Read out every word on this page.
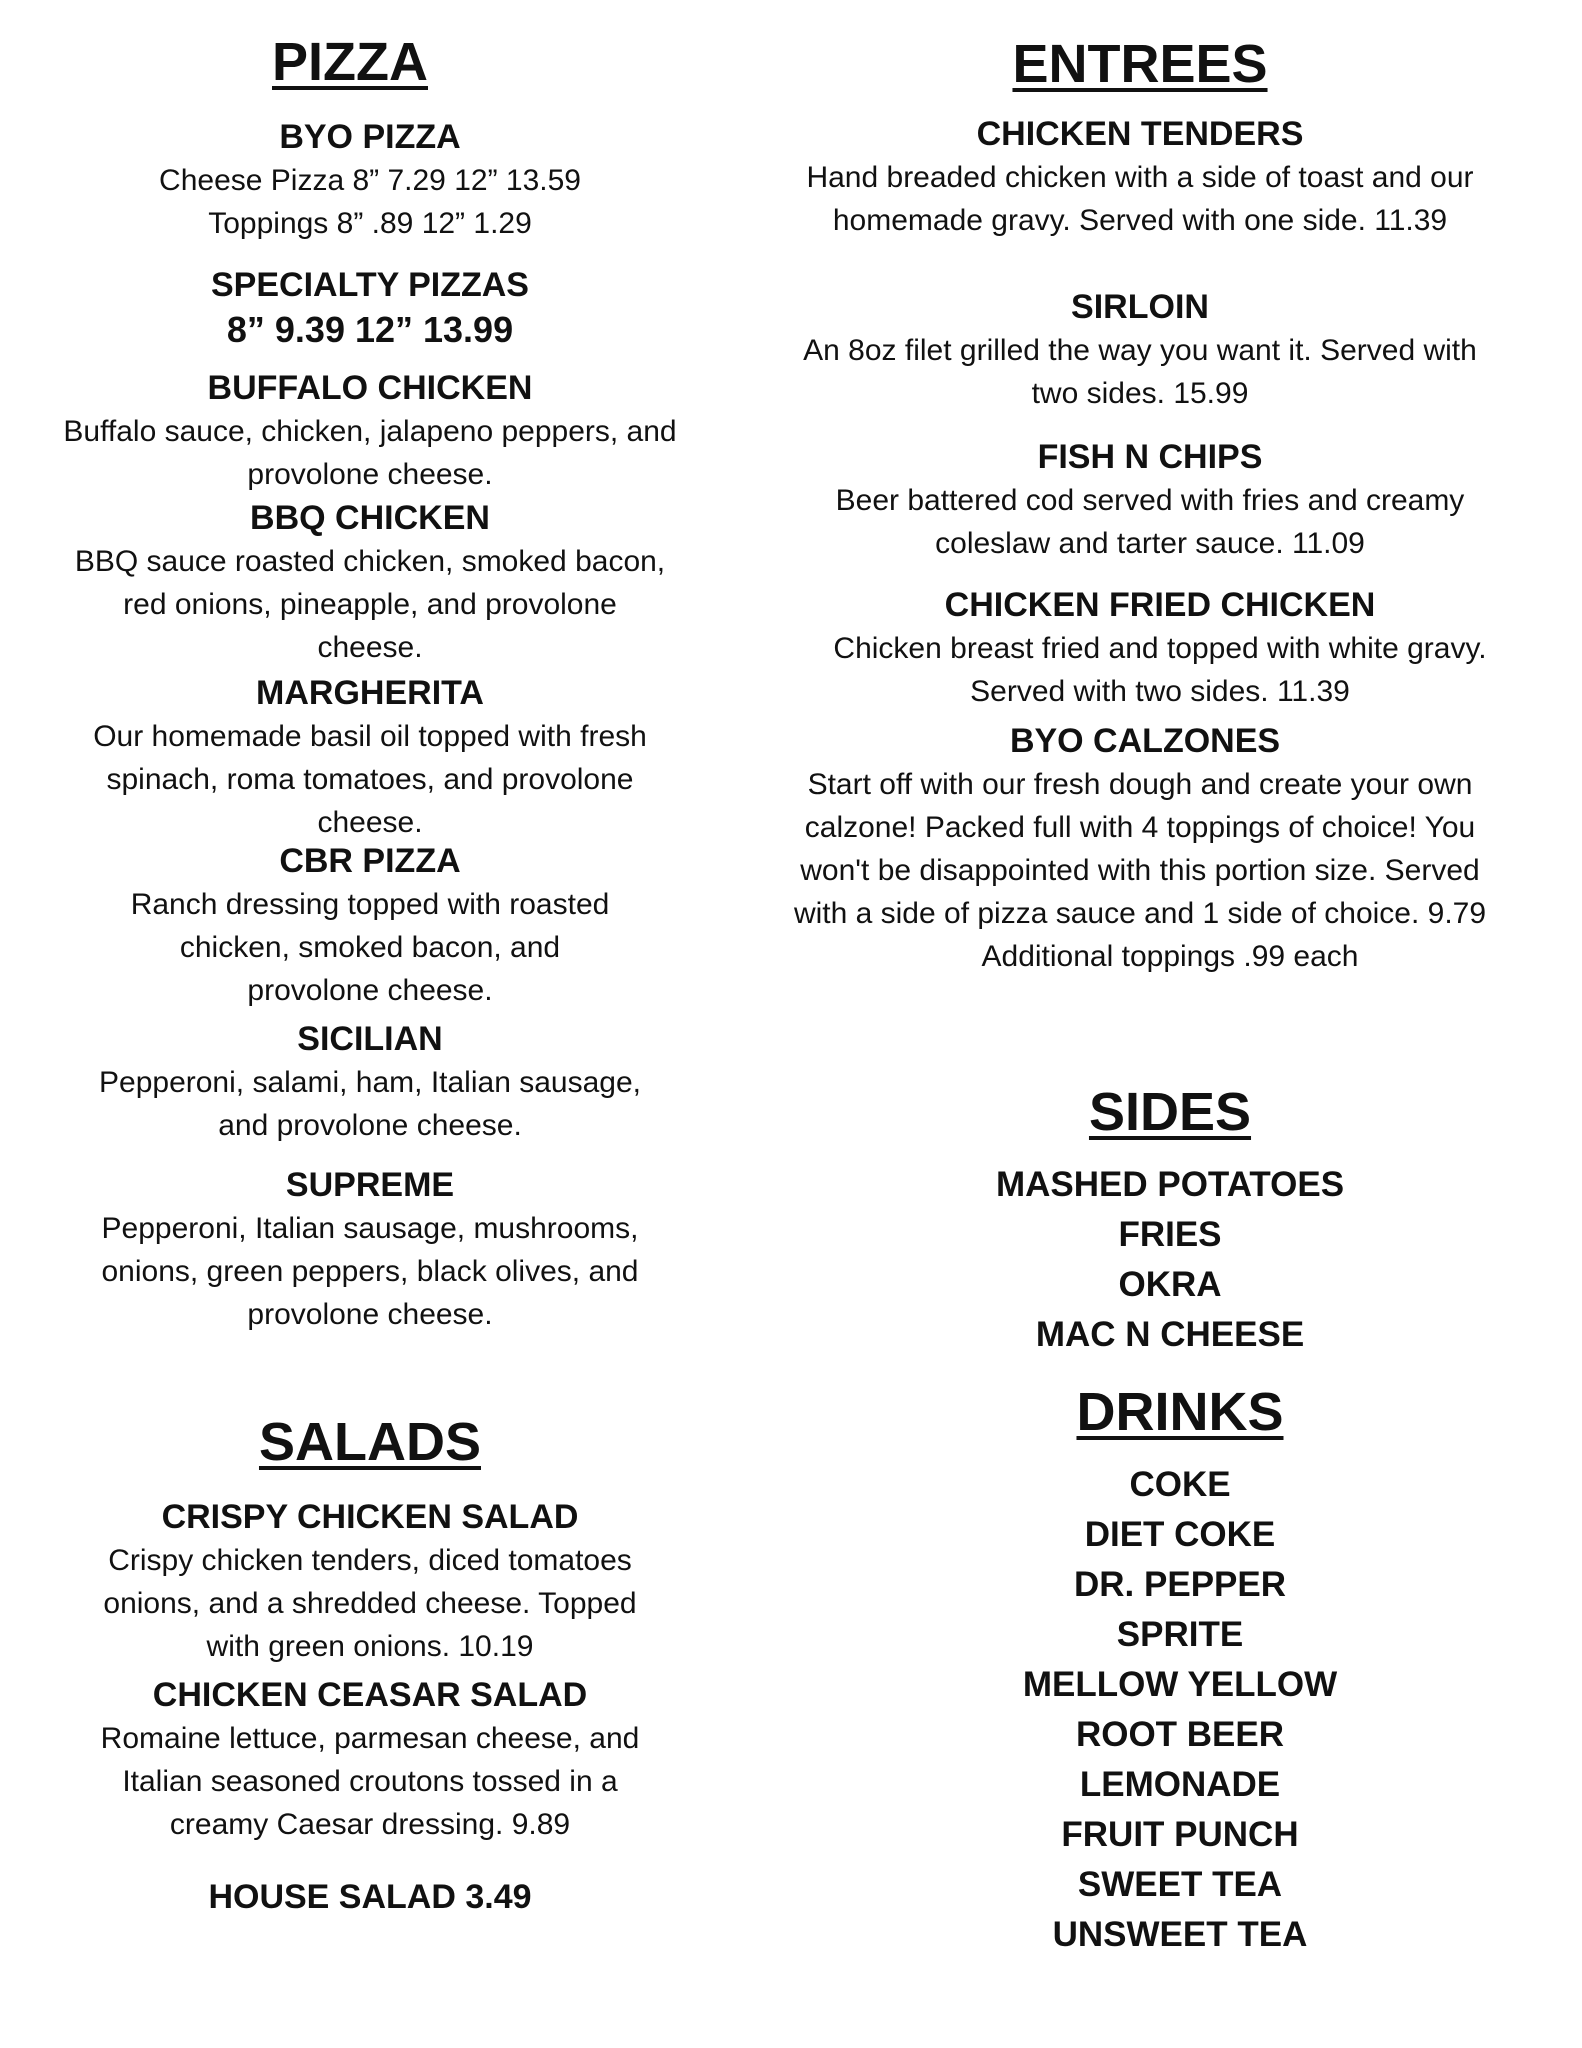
PIZZA

BYO PIZZA

Cheese Pizza 8” 7.29 12” 13.59

Toppings 8” .89 12” 1.29

SPECIALTY PIZZAS

8” 9.39 12” 13.99

BUFFALO CHICKEN

Buffalo sauce, chicken, jalapeno peppers, and provolone cheese.

BBQ CHICKEN

BBQ sauce roasted chicken, smoked bacon, red onions, pineapple, and provolone cheese.

MARGHERITA

Our homemade basil oil topped with fresh spinach, roma tomatoes, and provolone cheese.

CBR PIZZA

Ranch dressing topped with roasted chicken, smoked bacon, and provolone cheese.

SICILIAN

Pepperoni, salami, ham, Italian sausage, and provolone cheese.

SUPREME

Pepperoni, Italian sausage, mushrooms, onions, green peppers, black olives, and provolone cheese.

SALADS

CRISPY CHICKEN SALAD

Crispy chicken tenders, diced tomatoes onions, and a shredded cheese. Topped with green onions. 10.19

CHICKEN CEASAR SALAD

Romaine lettuce, parmesan cheese, and Italian seasoned croutons tossed in a creamy Caesar dressing. 9.89

HOUSE SALAD 3.49

ENTREES

CHICKEN TENDERS

Hand breaded chicken with a side of toast and our homemade gravy. Served with one side. 11.39

SIRLOIN

An 8oz filet grilled the way you want it. Served with two sides. 15.99

FISH N CHIPS

Beer battered cod served with fries and creamy coleslaw and tarter sauce. 11.09

CHICKEN FRIED CHICKEN

Chicken breast fried and topped with white gravy. Served with two sides. 11.39

BYO CALZONES

Start off with our fresh dough and create your own calzone! Packed full with 4 toppings of choice! You won't be disappointed with this portion size. Served with a side of pizza sauce and 1 side of choice. 9.79

Additional toppings .99 each

SIDES

MASHED POTATOES

FRIES

OKRA

MAC N CHEESE

DRINKS

COKE

DIET COKE

DR. PEPPER

SPRITE

MELLOW YELLOW

ROOT BEER

LEMONADE

FRUIT PUNCH

SWEET TEA

UNSWEET TEA
